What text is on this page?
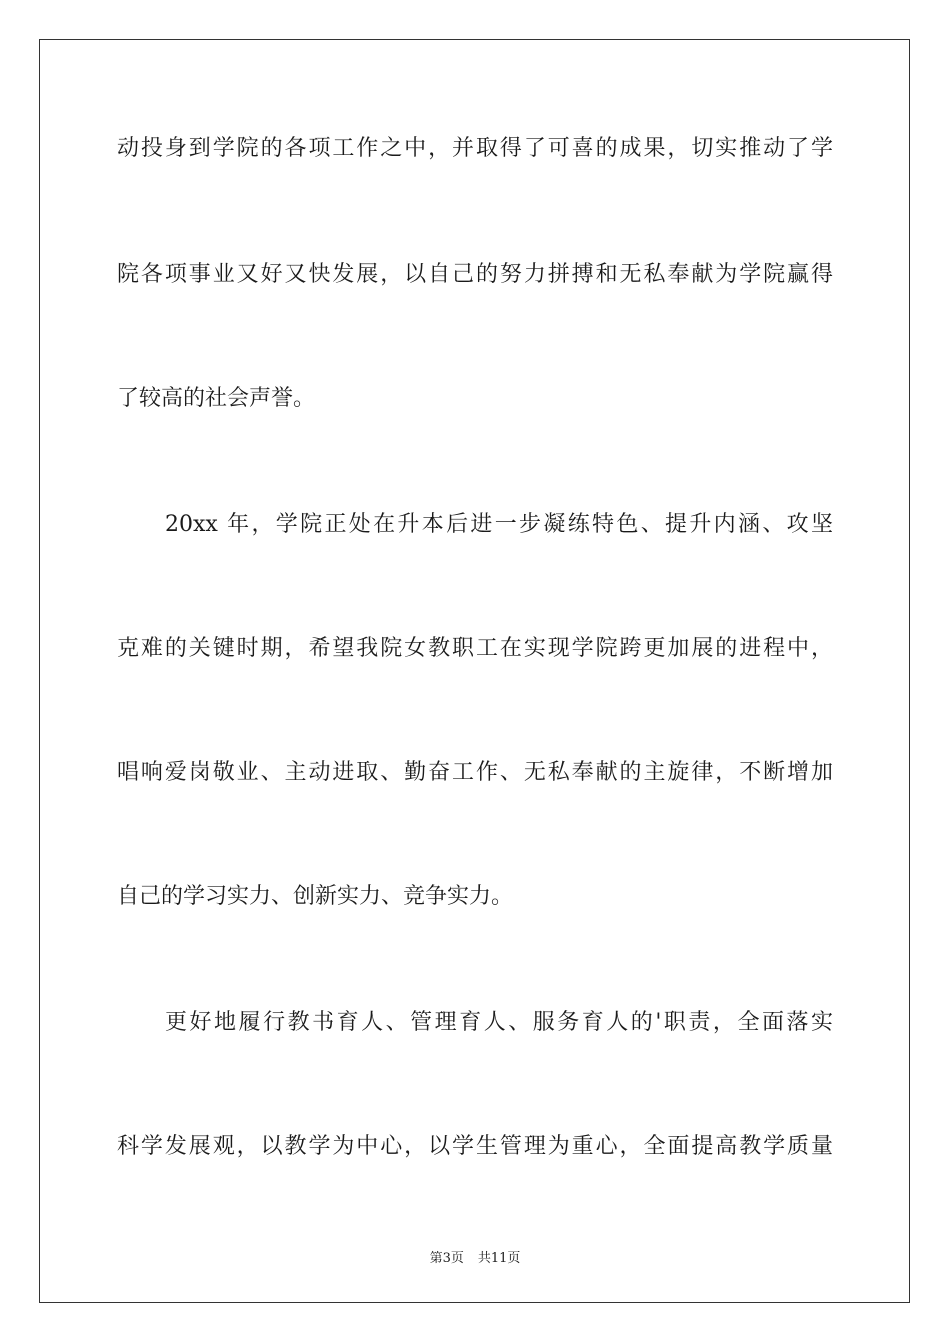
动投身到学院的各项工作之中，并取得了可喜的成果，切实推动了学
院各项事业又好又快发展，以自己的努力拼搏和无私奉献为学院赢得
了较高的社会声誉。
20xx 年，学院正处在升本后进一步凝练特色、提升内涵、攻坚
克难的关键时期，希望我院女教职工在实现学院跨更加展的进程中，
唱响爱岗敬业、主动进取、勤奋工作、无私奉献的主旋律，不断增加
自己的学习实力、创新实力、竞争实力。
更好地履行教书育人、管理育人、服务育人的'职责，全面落实
科学发展观，以教学为中心，以学生管理为重心，全面提高教学质量
第3页 共11页
